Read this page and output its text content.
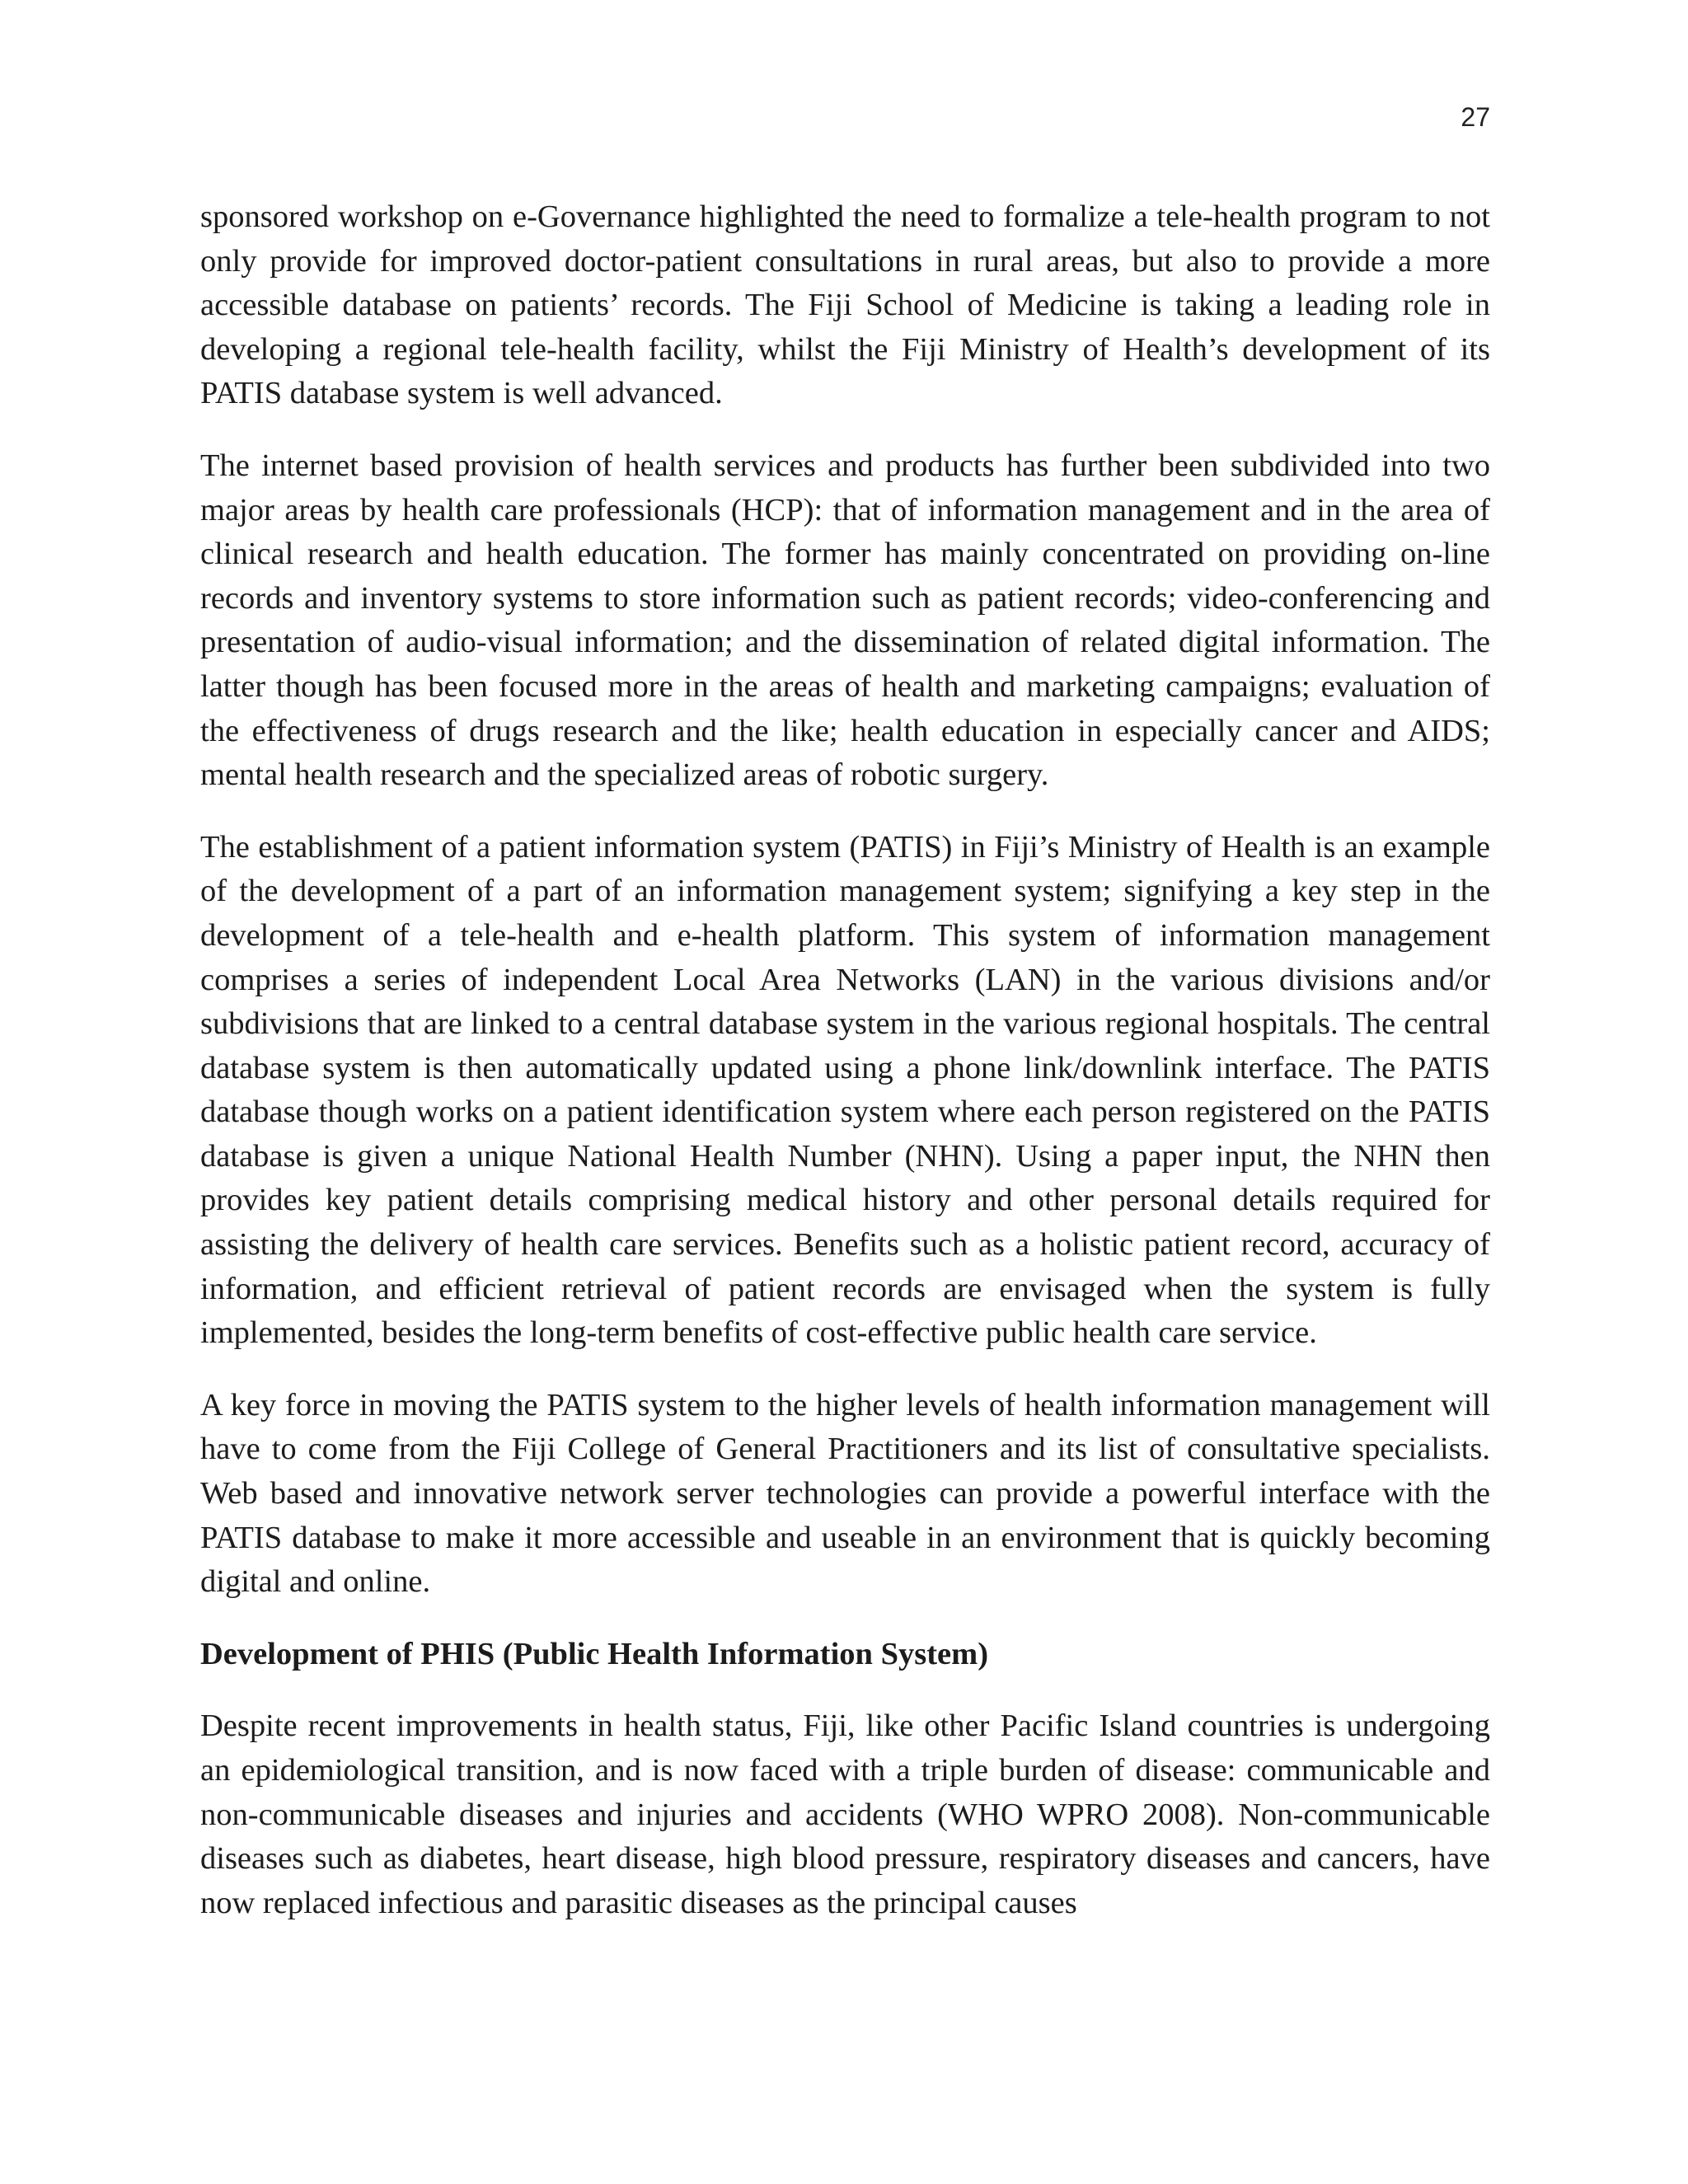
27

sponsored workshop on e-Governance highlighted the need to formalize a tele-health program to not only provide for improved doctor-patient consultations in rural areas, but also to provide a more accessible database on patients’ records. The Fiji School of Medicine is taking a leading role in developing a regional tele-health facility, whilst the Fiji Ministry of Health’s development of its PATIS database system is well advanced.

The internet based provision of health services and products has further been subdivided into two major areas by health care professionals (HCP): that of information management and in the area of clinical research and health education. The former has mainly concentrated on providing on-line records and inventory systems to store information such as patient records; video-conferencing and presentation of audio-visual information; and the dissemination of related digital information. The latter though has been focused more in the areas of health and marketing campaigns; evaluation of the effectiveness of drugs research and the like; health education in especially cancer and AIDS; mental health research and the specialized areas of robotic surgery.

The establishment of a patient information system (PATIS) in Fiji’s Ministry of Health is an example of the development of a part of an information management system; signifying a key step in the development of a tele-health and e-health platform. This system of information management comprises a series of independent Local Area Networks (LAN) in the various divisions and/or subdivisions that are linked to a central database system in the various regional hospitals. The central database system is then automatically updated using a phone link/downlink interface. The PATIS database though works on a patient identification system where each person registered on the PATIS database is given a unique National Health Number (NHN). Using a paper input, the NHN then provides key patient details comprising medical history and other personal details required for assisting the delivery of health care services. Benefits such as a holistic patient record, accuracy of information, and efficient retrieval of patient records are envisaged when the system is fully implemented, besides the long-term benefits of cost-effective public health care service.

A key force in moving the PATIS system to the higher levels of health information management will have to come from the Fiji College of General Practitioners and its list of consultative specialists. Web based and innovative network server technologies can provide a powerful interface with the PATIS database to make it more accessible and useable in an environment that is quickly becoming digital and online.

Development of PHIS (Public Health Information System)

Despite recent improvements in health status, Fiji, like other Pacific Island countries is undergoing an epidemiological transition, and is now faced with a triple burden of disease: communicable and non-communicable diseases and injuries and accidents (WHO WPRO 2008). Non-communicable diseases such as diabetes, heart disease, high blood pressure, respiratory diseases and cancers, have now replaced infectious and parasitic diseases as the principal causes
